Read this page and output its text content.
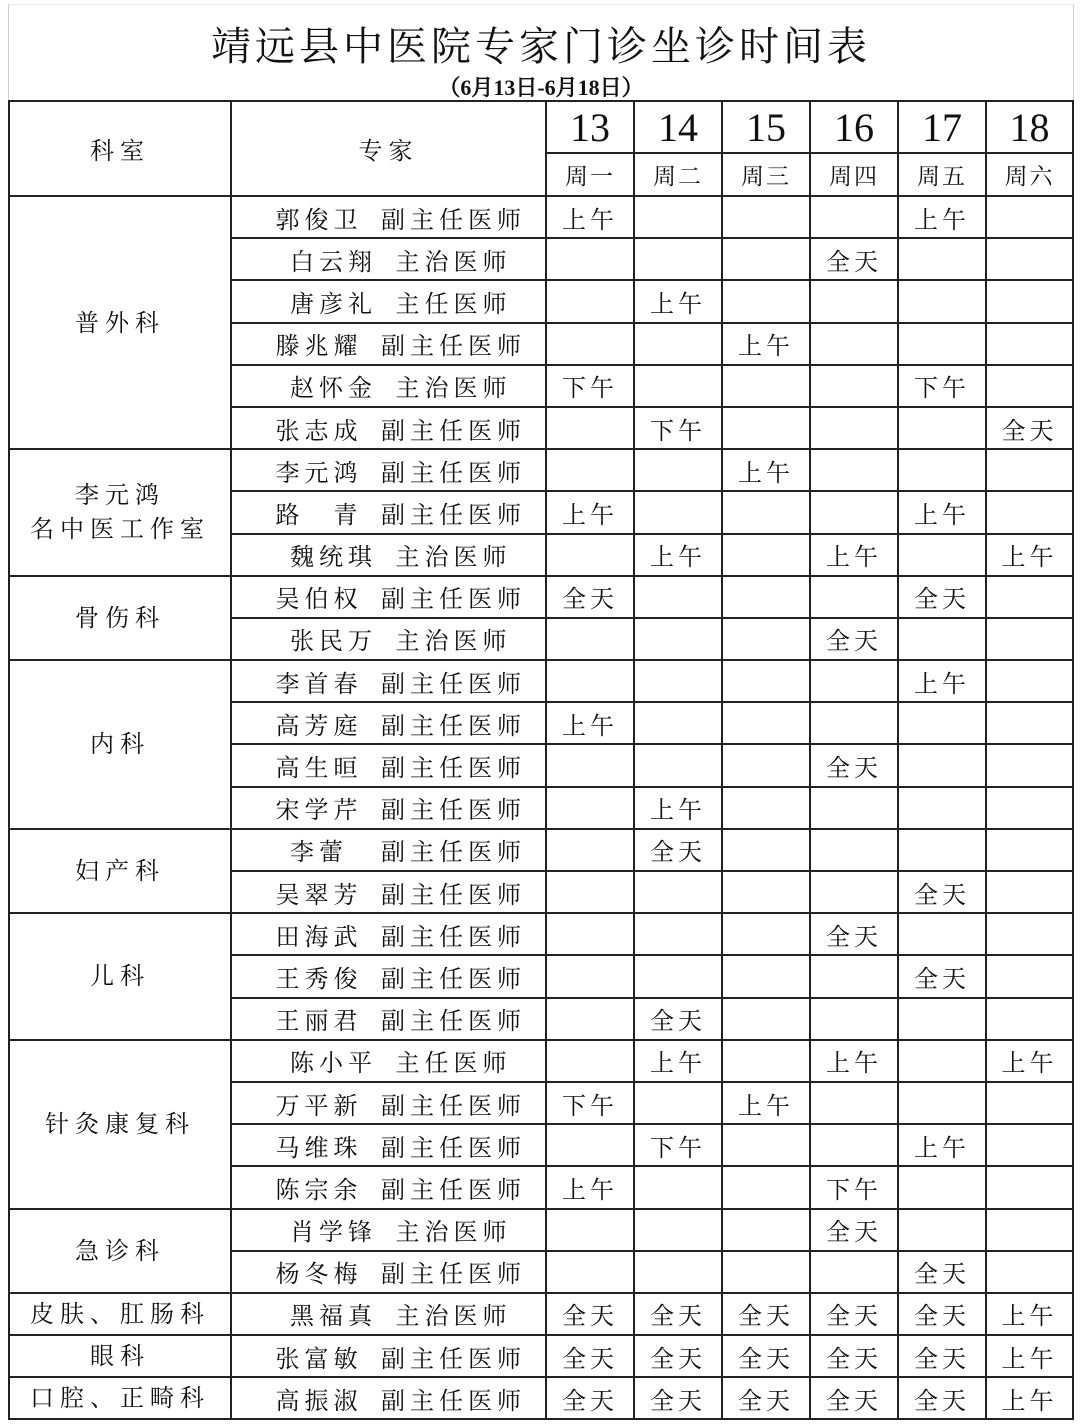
靖远县中医院专家门诊坐诊时间表
（6月13日-6月18日）
科室	专家	13	14	15	16	17	18
		周一	周二	周三	周四	周五	周六
普外科	郭俊卫 副主任医师	上午				上午	
	白云翔 主治医师				全天		
	唐彦礼 主任医师		上午				
	滕兆耀 副主任医师			上午			
	赵怀金 主治医师	下午				下午	
	张志成 副主任医师		下午				全天

李元鸿
名中医工作室	李元鸿 副主任医师			上午			
	路　青 副主任医师	上午				上午	
	魏统琪 主治医师		上午		上午		上午
骨伤科	吴伯权 副主任医师	全天				全天	
	张民万 主治医师				全天		
内科	李首春 副主任医师					上午	
	高芳庭 副主任医师	上午					
	高生晅 副主任医师				全天		
	宋学芹 副主任医师		上午				
妇产科	李蕾 副主任医师		全天				
	吴翠芳 副主任医师					全天	
儿科	田海武 副主任医师				全天		
	王秀俊 副主任医师					全天	
	王丽君 副主任医师		全天				
针灸康复科	陈小平 主任医师		上午		上午		上午
	万平新 副主任医师	下午		上午			
	马维珠 副主任医师		下午			上午	
	陈宗余 副主任医师	上午			下午		
急诊科	肖学锋 主治医师				全天		
	杨冬梅 副主任医师					全天	
皮肤、肛肠科	黑福真 主治医师	全天	全天	全天	全天	全天	上午
眼科	张富敏 副主任医师	全天	全天	全天	全天	全天	上午
口腔、正畸科	高振淑 副主任医师	全天	全天	全天	全天	全天	上午
